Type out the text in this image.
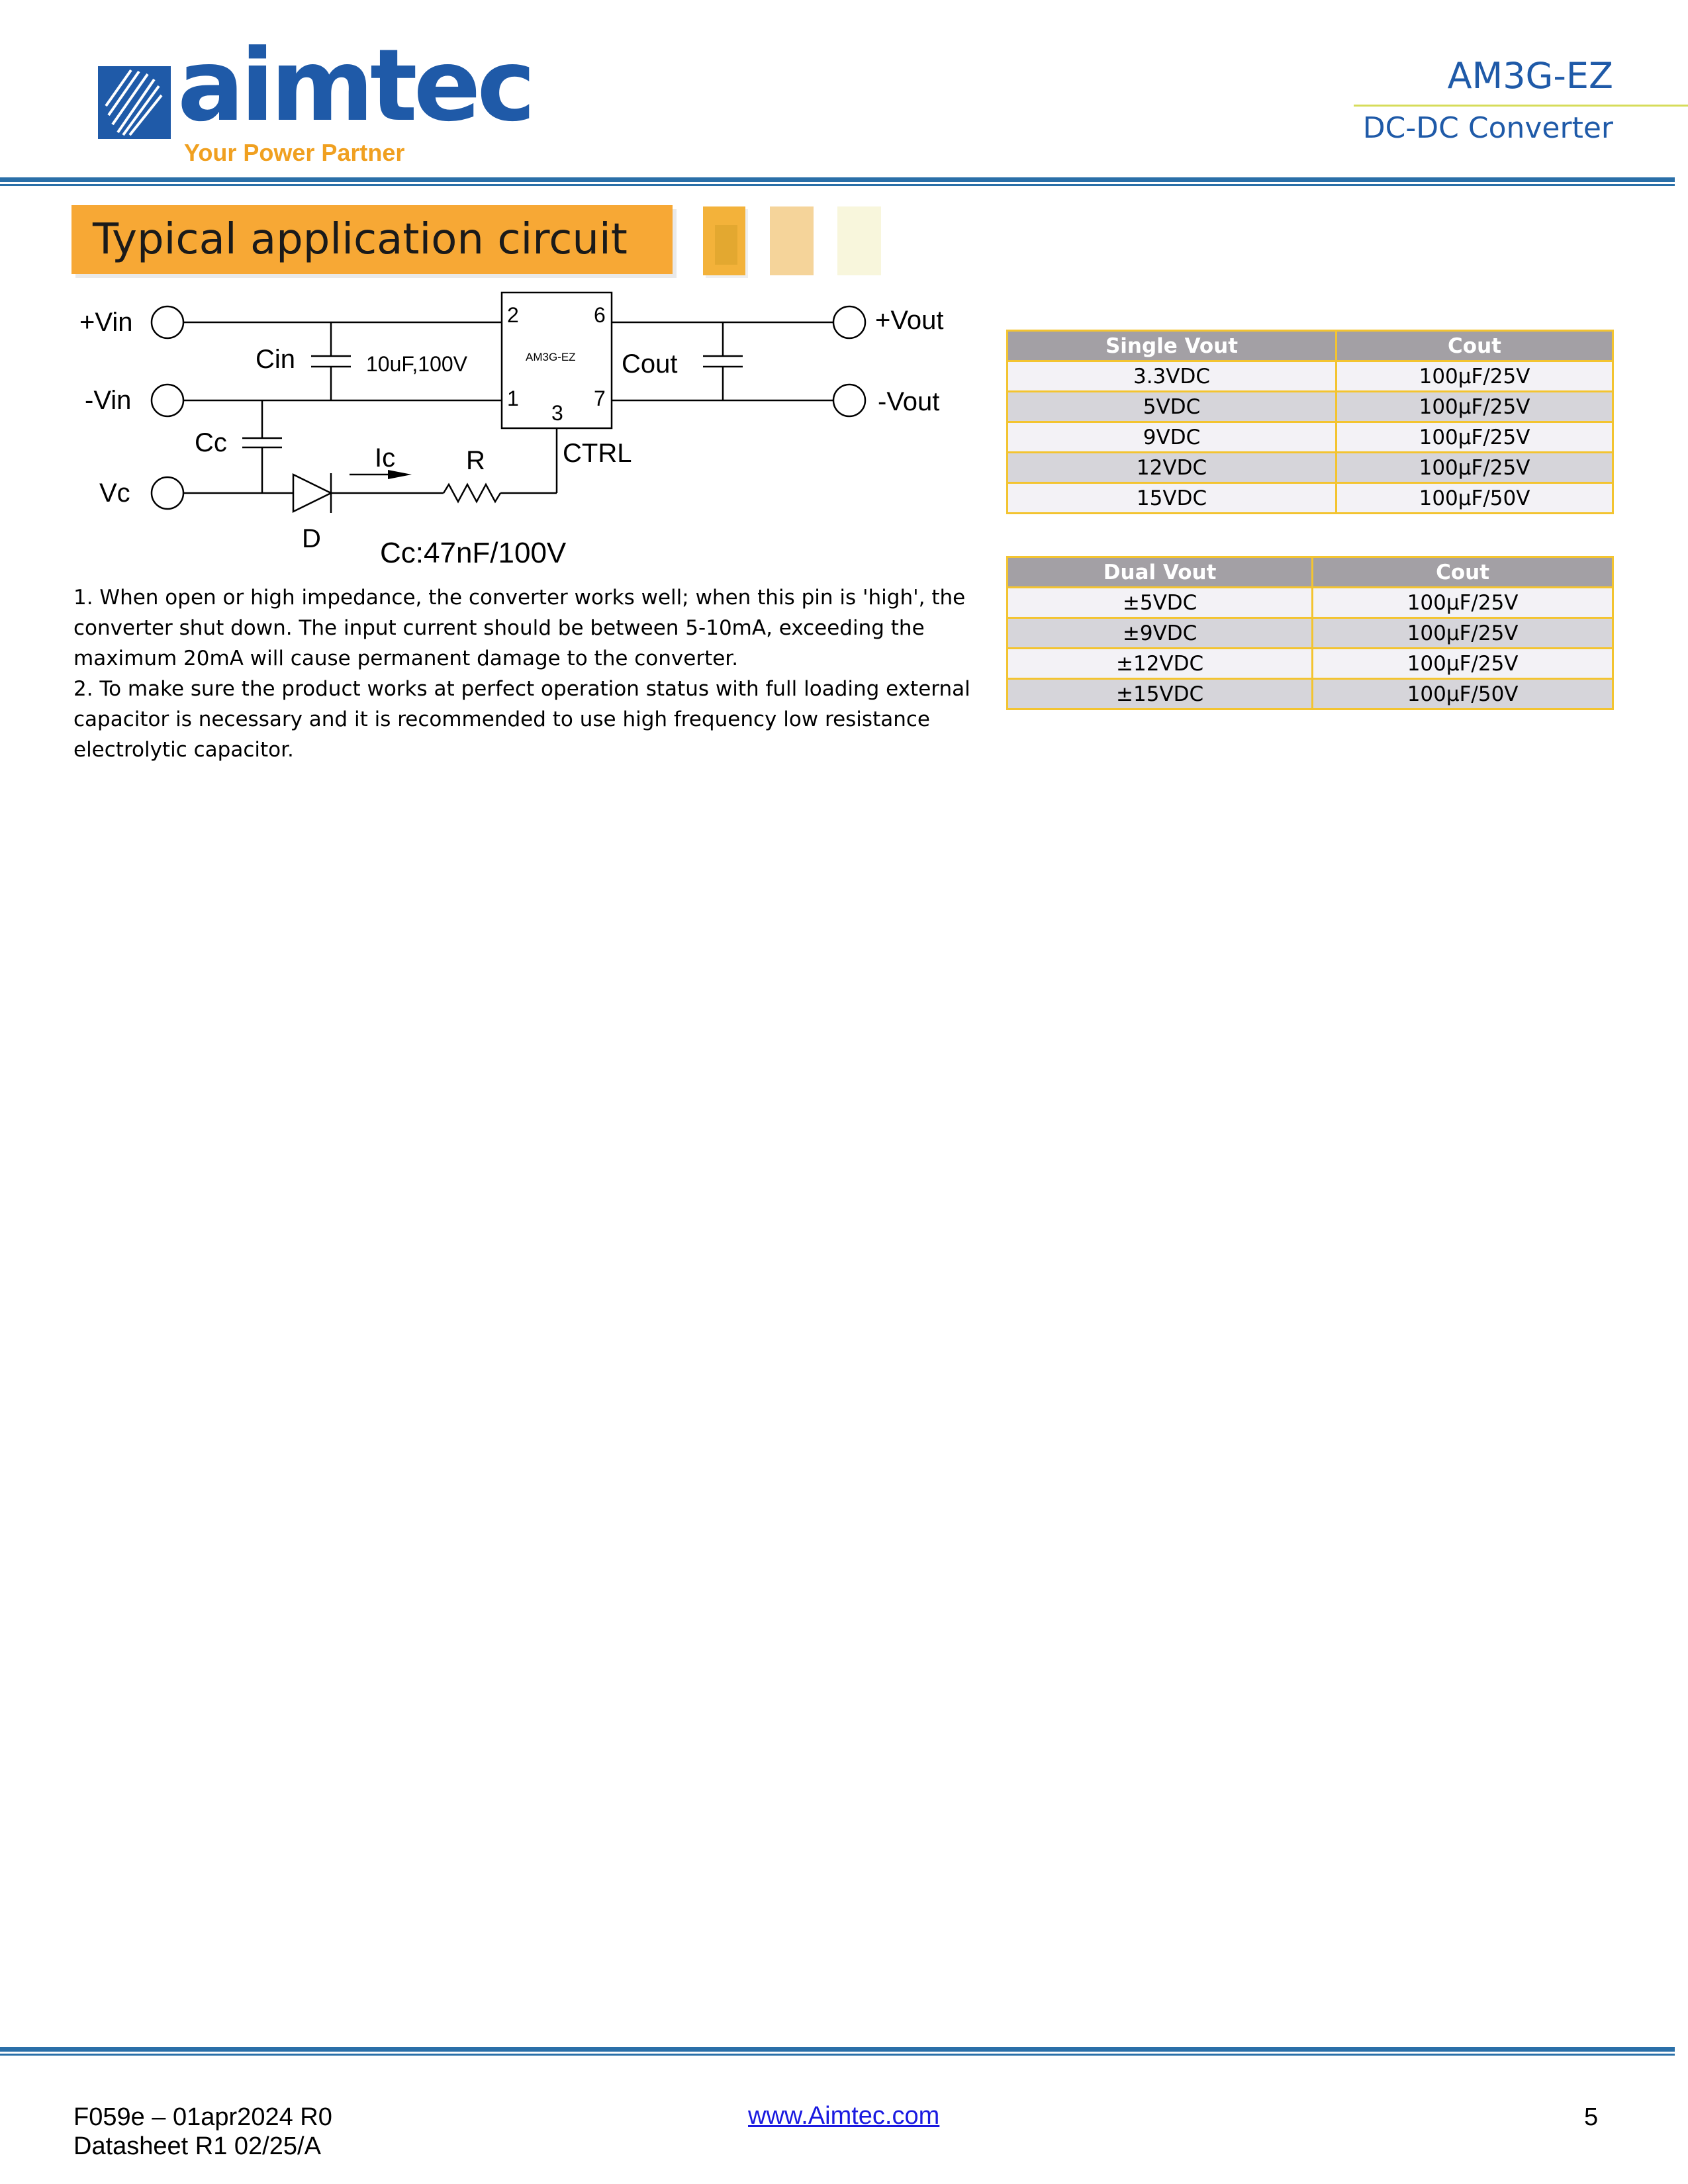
aimtec
Your Power Partner
AM3G-EZ
DC-DC Converter
Typical application circuit
+Vin
-Vin
Vc
+Vout
-Vout
Cin	10uF,100V	Cout
Cc
Ic	R	CTRL
D Cc:47nF/100V
AM3G-EZ
2	6
1	7
3

1. When open or high impedance, the converter works well; when this pin is 'high', the converter shut down. The input current should be between 5-10mA, exceeding the maximum 20mA will cause permanent damage to the converter.

2. To make sure the product works at perfect operation status with full loading external capacitor is necessary and it is recommended to use high frequency low resistance electrolytic capacitor.

Single Vout	Cout
3.3VDC	100µF/25V
5VDC	100µF/25V
9VDC	100µF/25V
12VDC	100µF/25V
15VDC	100µF/50V
Dual Vout	Cout
±5VDC	100µF/25V
±9VDC	100µF/25V
±12VDC	100µF/25V
±15VDC	100µF/50V
F059e – 01apr2024 R0
Datasheet R1 02/25/A
www.Aimtec.com	5
